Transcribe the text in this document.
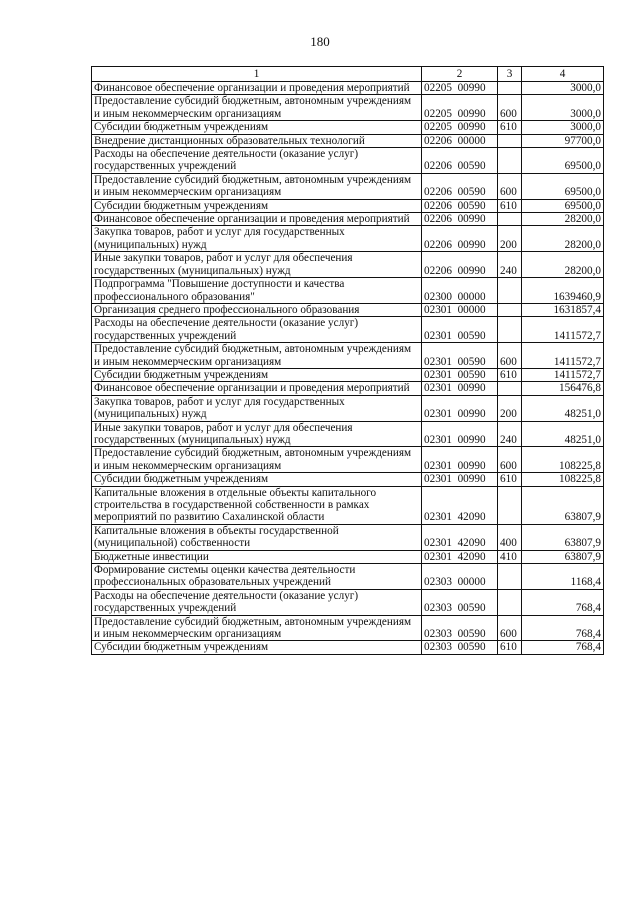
180
1	2	3	4
Финансовое обеспечение организации и проведения мероприятий	02205  00990		3000,0
Предоставление субсидий бюджетным, автономным учреждениям и иным некоммерческим организациям	02205  00990	600	3000,0
Субсидии бюджетным учреждениям	02205  00990	610	3000,0
Внедрение дистанционных образовательных технологий	02206  00000		97700,0
Расходы на обеспечение деятельности (оказание услуг) государственных учреждений	02206  00590		69500,0
Предоставление субсидий бюджетным, автономным учреждениям и иным некоммерческим организациям	02206  00590	600	69500,0
Субсидии бюджетным учреждениям	02206  00590	610	69500,0
Финансовое обеспечение организации и проведения мероприятий	02206  00990		28200,0
Закупка товаров, работ и услуг для государственных (муниципальных) нужд	02206  00990	200	28200,0
Иные закупки товаров, работ и услуг для обеспечения государственных (муниципальных) нужд	02206  00990	240	28200,0
Подпрограмма "Повышение доступности и качества профессионального образования"	02300  00000		1639460,9
Организация среднего профессионального образования	02301  00000		1631857,4
Расходы на обеспечение деятельности (оказание услуг) государственных учреждений	02301  00590		1411572,7
Предоставление субсидий бюджетным, автономным учреждениям и иным некоммерческим организациям	02301  00590	600	1411572,7
Субсидии бюджетным учреждениям	02301  00590	610	1411572,7
Финансовое обеспечение организации и проведения мероприятий	02301  00990		156476,8
Закупка товаров, работ и услуг для государственных (муниципальных) нужд	02301  00990	200	48251,0
Иные закупки товаров, работ и услуг для обеспечения государственных (муниципальных) нужд	02301  00990	240	48251,0
Предоставление субсидий бюджетным, автономным учреждениям и иным некоммерческим организациям	02301  00990	600	108225,8
Субсидии бюджетным учреждениям	02301  00990	610	108225,8
Капитальные вложения в отдельные объекты капитального строительства в государственной собственности в рамках мероприятий по развитию Сахалинской области	02301  42090		63807,9
Капитальные вложения в объекты государственной (муниципальной) собственности	02301  42090	400	63807,9
Бюджетные инвестиции	02301  42090	410	63807,9
Формирование системы оценки качества деятельности профессиональных образовательных учреждений	02303  00000		1168,4
Расходы на обеспечение деятельности (оказание услуг) государственных учреждений	02303  00590		768,4
Предоставление субсидий бюджетным, автономным учреждениям и иным некоммерческим организациям	02303  00590	600	768,4
Субсидии бюджетным учреждениям	02303  00590	610	768,4
